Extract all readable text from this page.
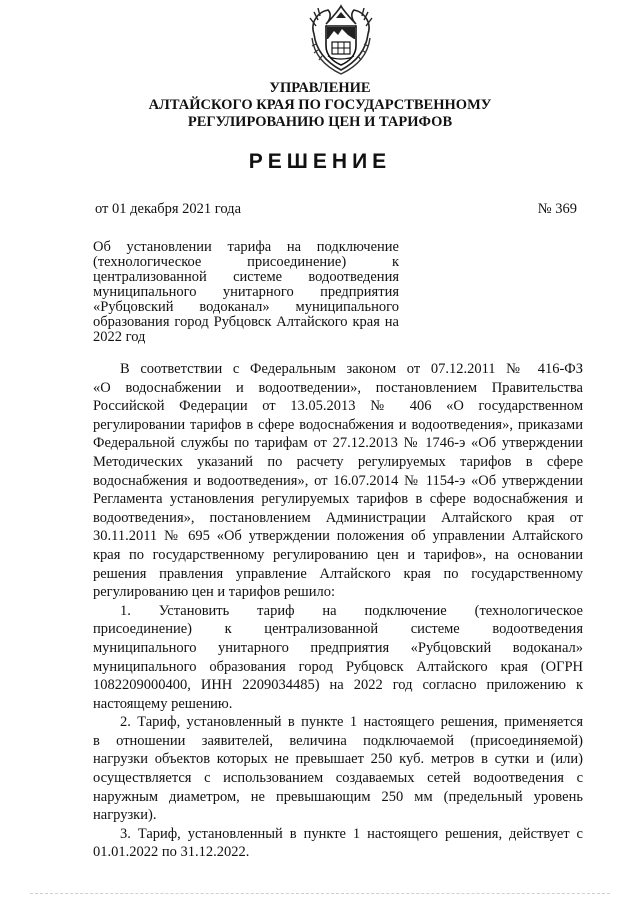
УПРАВЛЕНИЕ
АЛТАЙСКОГО КРАЯ ПО ГОСУДАРСТВЕННОМУ
РЕГУЛИРОВАНИЮ ЦЕН И ТАРИФОВ
РЕШЕНИЕ
от 01 декабря 2021 года	№ 369
Об установлении тарифа на подключение
(технологическое присоединение) к
централизованной системе водоотведения
муниципального унитарного предприятия
«Рубцовский водоканал» муниципального
образования город Рубцовск Алтайского края на
2022 год
В соответствии с Федеральным законом от 07.12.2011 № 416-ФЗ
«О водоснабжении и водоотведении», постановлением Правительства
Российской Федерации от 13.05.2013 № 406 «О государственном
регулировании тарифов в сфере водоснабжения и водоотведения», приказами
Федеральной службы по тарифам от 27.12.2013 № 1746-э «Об утверждении
Методических указаний по расчету регулируемых тарифов в сфере
водоснабжения и водоотведения», от 16.07.2014 № 1154-э «Об утверждении
Регламента установления регулируемых тарифов в сфере водоснабжения и
водоотведения», постановлением Администрации Алтайского края от
30.11.2011 № 695 «Об утверждении положения об управлении Алтайского
края по государственному регулированию цен и тарифов», на основании
решения правления управление Алтайского края по государственному
регулированию цен и тарифов решило:
1. Установить тариф на подключение (технологическое
присоединение) к централизованной системе водоотведения
муниципального унитарного предприятия «Рубцовский водоканал»
муниципального образования город Рубцовск Алтайского края (ОГРН
1082209000400, ИНН 2209034485) на 2022 год согласно приложению к
настоящему решению.
2. Тариф, установленный в пункте 1 настоящего решения, применяется
в отношении заявителей, величина подключаемой (присоединяемой)
нагрузки объектов которых не превышает 250 куб. метров в сутки и (или)
осуществляется с использованием создаваемых сетей водоотведения с
наружным диаметром, не превышающим 250 мм (предельный уровень
нагрузки).
3. Тариф, установленный в пункте 1 настоящего решения, действует с
01.01.2022 по 31.12.2022.
